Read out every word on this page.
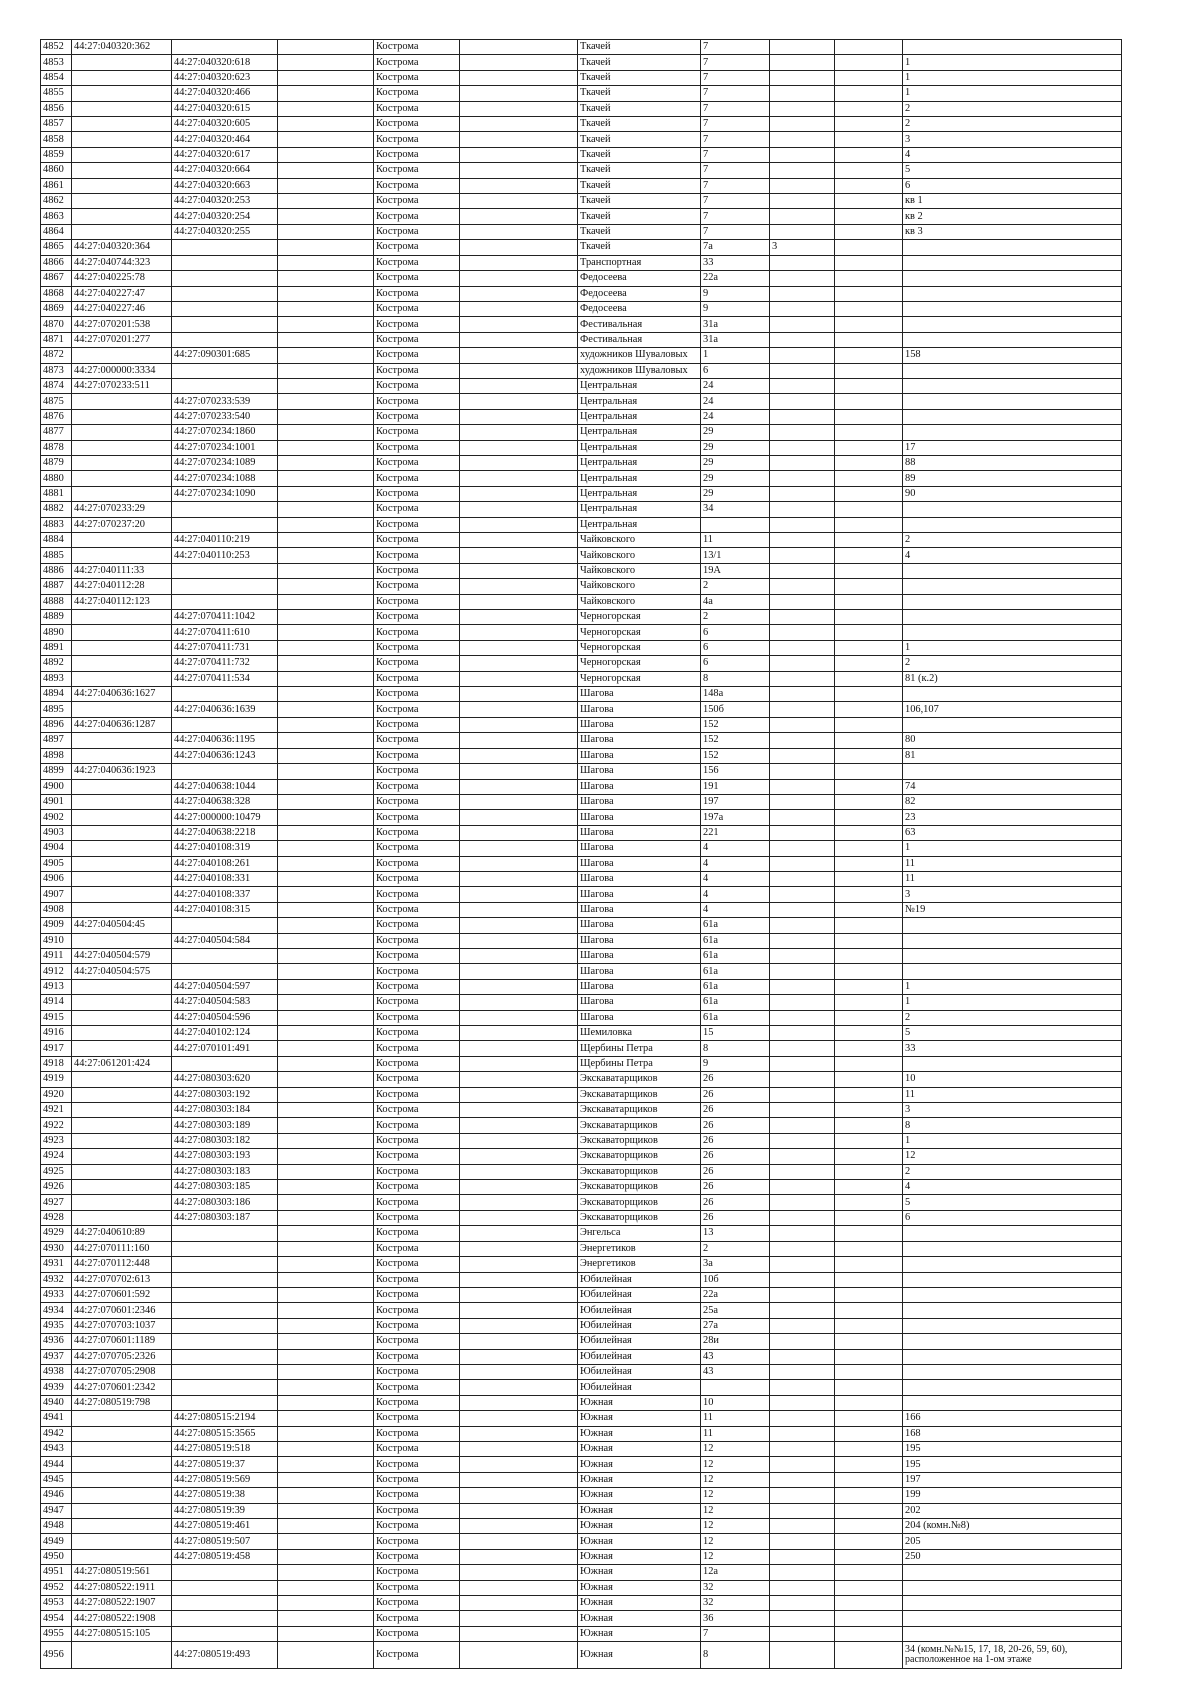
4852	44:27:040320:362			Кострома		Ткачей	7			
4853		44:27:040320:618		Кострома		Ткачей	7			1
4854		44:27:040320:623		Кострома		Ткачей	7			1
4855		44:27:040320:466		Кострома		Ткачей	7			1
4856		44:27:040320:615		Кострома		Ткачей	7			2
4857		44:27:040320:605		Кострома		Ткачей	7			2
4858		44:27:040320:464		Кострома		Ткачей	7			3
4859		44:27:040320:617		Кострома		Ткачей	7			4
4860		44:27:040320:664		Кострома		Ткачей	7			5
4861		44:27:040320:663		Кострома		Ткачей	7			6
4862		44:27:040320:253		Кострома		Ткачей	7			кв 1
4863		44:27:040320:254		Кострома		Ткачей	7			кв 2
4864		44:27:040320:255		Кострома		Ткачей	7			кв 3
4865	44:27:040320:364			Кострома		Ткачей	7а	3		
4866	44:27:040744:323			Кострома		Транспортная	33			
4867	44:27:040225:78			Кострома		Федосеева	22а			
4868	44:27:040227:47			Кострома		Федосеева	9			
4869	44:27:040227:46			Кострома		Федосеева	9			
4870	44:27:070201:538			Кострома		Фестивальная	31а			
4871	44:27:070201:277			Кострома		Фестивальная	31а			
4872		44:27:090301:685		Кострома		художников Шуваловых	1			158
4873	44:27:000000:3334			Кострома		художников Шуваловых	6			
4874	44:27:070233:511			Кострома		Центральная	24			
4875		44:27:070233:539		Кострома		Центральная	24			
4876		44:27:070233:540		Кострома		Центральная	24			
4877		44:27:070234:1860		Кострома		Центральная	29			
4878		44:27:070234:1001		Кострома		Центральная	29			17
4879		44:27:070234:1089		Кострома		Центральная	29			88
4880		44:27:070234:1088		Кострома		Центральная	29			89
4881		44:27:070234:1090		Кострома		Центральная	29			90
4882	44:27:070233:29			Кострома		Центральная	34			
4883	44:27:070237:20			Кострома		Центральная				
4884		44:27:040110:219		Кострома		Чайковского	11			2
4885		44:27:040110:253		Кострома		Чайковского	13/1			4
4886	44:27:040111:33			Кострома		Чайковского	19А			
4887	44:27:040112:28			Кострома		Чайковского	2			
4888	44:27:040112:123			Кострома		Чайковского	4а			
4889		44:27:070411:1042		Кострома		Черногорская	2			
4890		44:27:070411:610		Кострома		Черногорская	6			
4891		44:27:070411:731		Кострома		Черногорская	6			1
4892		44:27:070411:732		Кострома		Черногорская	6			2
4893		44:27:070411:534		Кострома		Черногорская	8			81 (к.2)
4894	44:27:040636:1627			Кострома		Шагова	148а			
4895		44:27:040636:1639		Кострома		Шагова	150б			106,107
4896	44:27:040636:1287			Кострома		Шагова	152			
4897		44:27:040636:1195		Кострома		Шагова	152			80
4898		44:27:040636:1243		Кострома		Шагова	152			81
4899	44:27:040636:1923			Кострома		Шагова	156			
4900		44:27:040638:1044		Кострома		Шагова	191			74
4901		44:27:040638:328		Кострома		Шагова	197			82
4902		44:27:000000:10479		Кострома		Шагова	197а			23
4903		44:27:040638:2218		Кострома		Шагова	221			63
4904		44:27:040108:319		Кострома		Шагова	4			1
4905		44:27:040108:261		Кострома		Шагова	4			11
4906		44:27:040108:331		Кострома		Шагова	4			11
4907		44:27:040108:337		Кострома		Шагова	4			3
4908		44:27:040108:315		Кострома		Шагова	4			№19
4909	44:27:040504:45			Кострома		Шагова	61а			
4910		44:27:040504:584		Кострома		Шагова	61а			
4911	44:27:040504:579			Кострома		Шагова	61а			
4912	44:27:040504:575			Кострома		Шагова	61а			
4913		44:27:040504:597		Кострома		Шагова	61а			1
4914		44:27:040504:583		Кострома		Шагова	61а			1
4915		44:27:040504:596		Кострома		Шагова	61а			2
4916		44:27:040102:124		Кострома		Шемиловка	15			5
4917		44:27:070101:491		Кострома		Щербины Петра	8			33
4918	44:27:061201:424			Кострома		Щербины Петра	9			
4919		44:27:080303:620		Кострома		Экскаватарщиков	26			10
4920		44:27:080303:192		Кострома		Экскаватарщиков	26			11
4921		44:27:080303:184		Кострома		Экскаватарщиков	26			3
4922		44:27:080303:189		Кострома		Экскаватарщиков	26			8
4923		44:27:080303:182		Кострома		Экскаваторщиков	26			1
4924		44:27:080303:193		Кострома		Экскаваторщиков	26			12
4925		44:27:080303:183		Кострома		Экскаваторщиков	26			2
4926		44:27:080303:185		Кострома		Экскаваторщиков	26			4
4927		44:27:080303:186		Кострома		Экскаваторщиков	26			5
4928		44:27:080303:187		Кострома		Экскаваторщиков	26			6
4929	44:27:040610:89			Кострома		Энгельса	13			
4930	44:27:070111:160			Кострома		Энергетиков	2			
4931	44:27:070112:448			Кострома		Энергетиков	3а			
4932	44:27:070702:613			Кострома		Юбилейная	10б			
4933	44:27:070601:592			Кострома		Юбилейная	22а			
4934	44:27:070601:2346			Кострома		Юбилейная	25а			
4935	44:27:070703:1037			Кострома		Юбилейная	27а			
4936	44:27:070601:1189			Кострома		Юбилейная	28и			
4937	44:27:070705:2326			Кострома		Юбилейная	43			
4938	44:27:070705:2908			Кострома		Юбилейная	43			
4939	44:27:070601:2342			Кострома		Юбилейная				
4940	44:27:080519:798			Кострома		Южная	10			
4941		44:27:080515:2194		Кострома		Южная	11			166
4942		44:27:080515:3565		Кострома		Южная	11			168
4943		44:27:080519:518		Кострома		Южная	12			195
4944		44:27:080519:37		Кострома		Южная	12			195
4945		44:27:080519:569		Кострома		Южная	12			197
4946		44:27:080519:38		Кострома		Южная	12			199
4947		44:27:080519:39		Кострома		Южная	12			202
4948		44:27:080519:461		Кострома		Южная	12			204 (комн.№8)
4949		44:27:080519:507		Кострома		Южная	12			205
4950		44:27:080519:458		Кострома		Южная	12			250
4951	44:27:080519:561			Кострома		Южная	12а			
4952	44:27:080522:1911			Кострома		Южная	32			
4953	44:27:080522:1907			Кострома		Южная	32			
4954	44:27:080522:1908			Кострома		Южная	36			
4955	44:27:080515:105			Кострома		Южная	7			
4956		44:27:080519:493		Кострома		Южная	8			34 (комн.№№15, 17, 18, 20-26, 59, 60), расположенное на 1-ом этаже
